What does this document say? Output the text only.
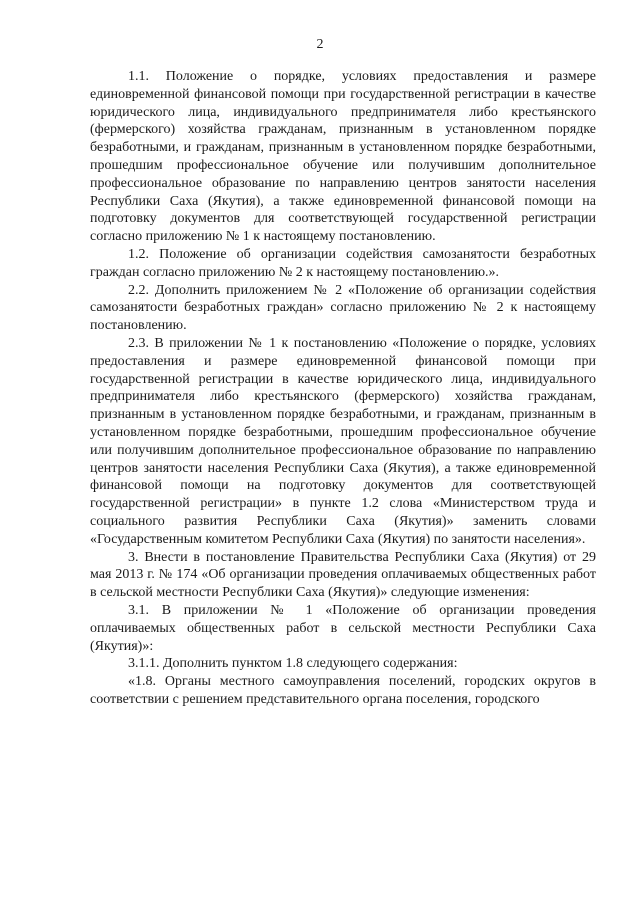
2

1.1. Положение о порядке, условиях предоставления и размере единовременной финансовой помощи при государственной регистрации в качестве юридического лица, индивидуального предпринимателя либо крестьянского (фермерского) хозяйства гражданам, признанным в установленном порядке безработными, и гражданам, признанным в установленном порядке безработными, прошедшим профессиональное обучение или получившим дополнительное профессиональное образование по направлению центров занятости населения Республики Саха (Якутия), а также единовременной финансовой помощи на подготовку документов для соответствующей государственной регистрации согласно приложению № 1 к настоящему постановлению.

1.2. Положение об организации содействия самозанятости безработных граждан согласно приложению № 2 к настоящему постановлению.».

2.2. Дополнить приложением № 2 «Положение об организации содействия самозанятости безработных граждан» согласно приложению № 2 к настоящему постановлению.

2.3. В приложении № 1 к постановлению «Положение о порядке, условиях предоставления и размере единовременной финансовой помощи при государственной регистрации в качестве юридического лица, индивидуального предпринимателя либо крестьянского (фермерского) хозяйства гражданам, признанным в установленном порядке безработными, и гражданам, признанным в установленном порядке безработными, прошедшим профессиональное обучение или получившим дополнительное профессиональное образование по направлению центров занятости населения Республики Саха (Якутия), а также единовременной финансовой помощи на подготовку документов для соответствующей государственной регистрации» в пункте 1.2 слова «Министерством труда и социального развития Республики Саха (Якутия)» заменить словами «Государственным комитетом Республики Саха (Якутия) по занятости населения».

3. Внести в постановление Правительства Республики Саха (Якутия) от 29 мая 2013 г. № 174 «Об организации проведения оплачиваемых общественных работ в сельской местности Республики Саха (Якутия)» следующие изменения:

3.1. В приложении № 1 «Положение об организации проведения оплачиваемых общественных работ в сельской местности Республики Саха (Якутия)»:

3.1.1. Дополнить пунктом 1.8 следующего содержания:

«1.8. Органы местного самоуправления поселений, городских округов в соответствии с решением представительного органа поселения, городского
